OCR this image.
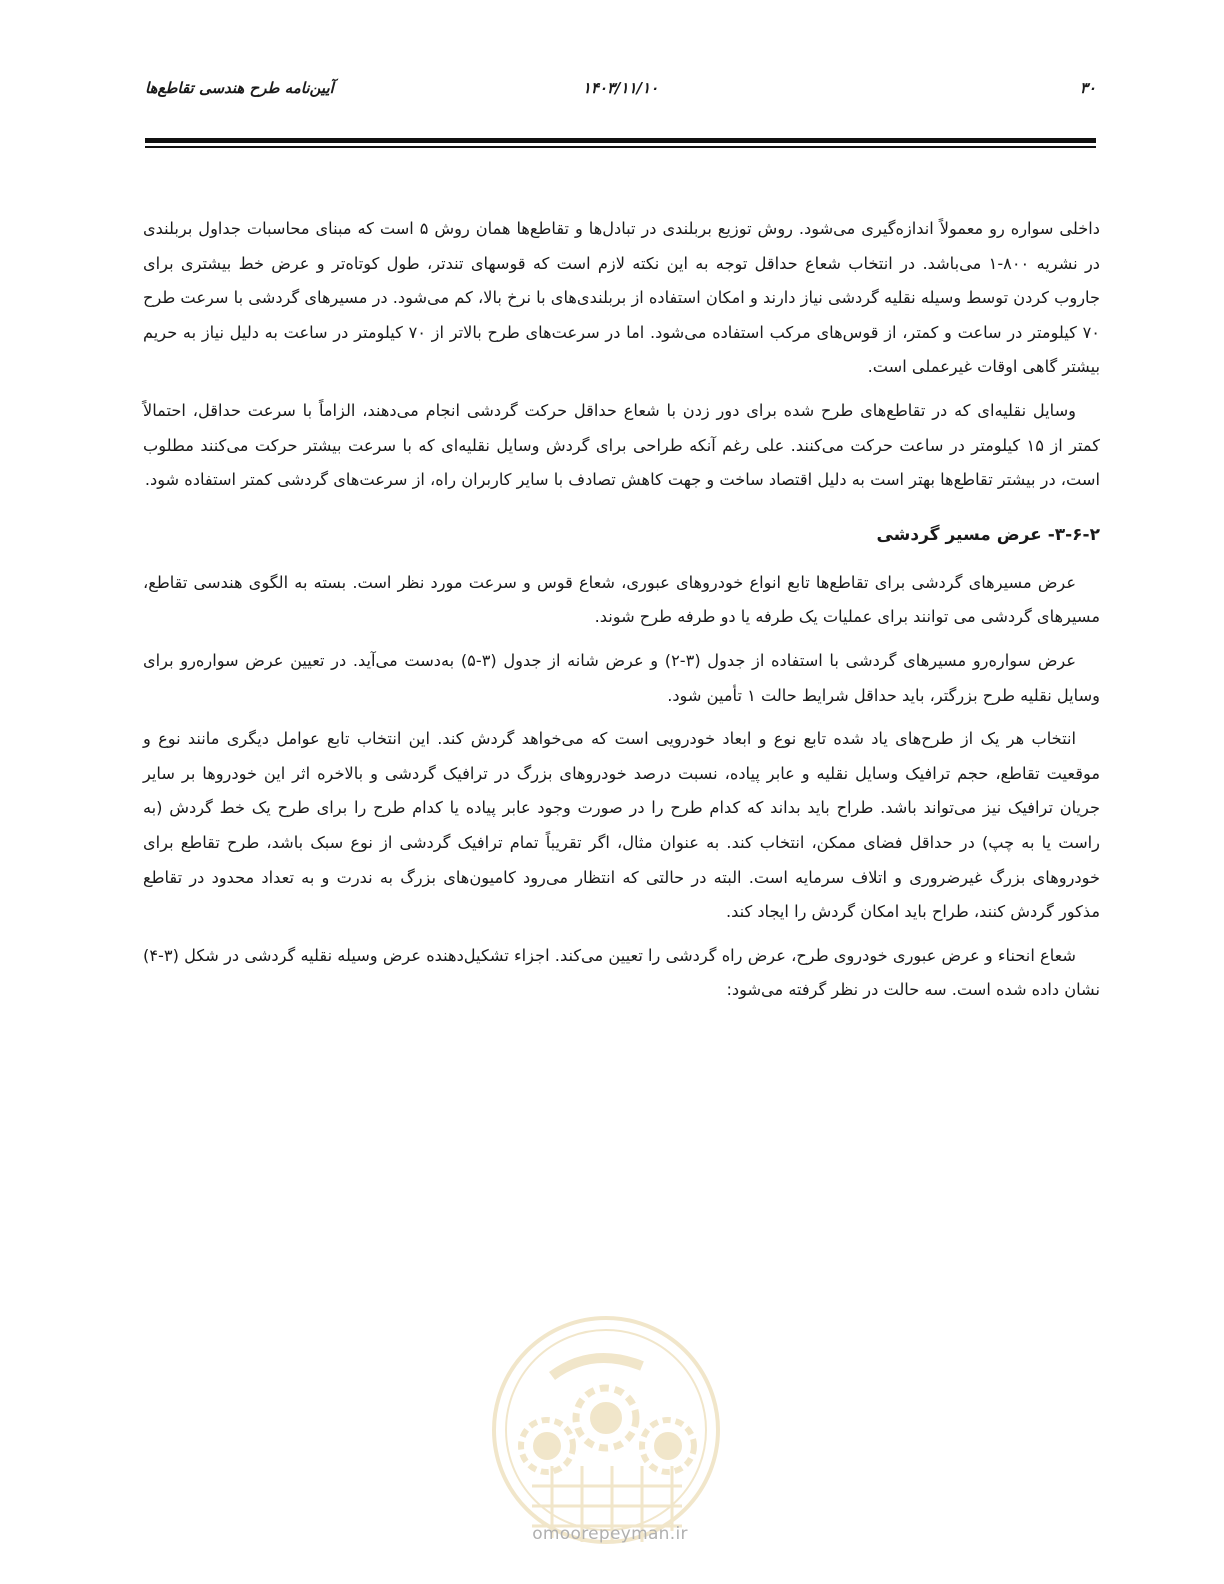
۳۰
۱۴۰۳/۱۱/۱۰
آیین‌نامه طرح هندسی تقاطع‌ها

داخلی سواره رو معمولاً اندازه‌گیری می‌شود. روش توزیع بربلندی در تبادل‌ها و تقاطع‌ها همان روش ۵ است که مبنای محاسبات جداول بربلندی در نشریه ۸۰۰-۱ می‌باشد. در انتخاب شعاع حداقل توجه به این نکته لازم است که قوسهای تندتر، طول کوتاه‌تر و عرض خط بیشتری برای جاروب کردن توسط وسیله نقلیه گردشی نیاز دارند و امکان استفاده از بربلندی‌های با نرخ بالا، کم می‌شود. در مسیرهای گردشی با سرعت طرح ۷۰ کیلومتر در ساعت و کمتر، از قوس‌های مرکب استفاده می‌شود. اما در سرعت‌های طرح بالاتر از ۷۰ کیلومتر در ساعت به دلیل نیاز به حریم بیشتر گاهی اوقات غیرعملی است.

وسایل نقلیه‌ای که در تقاطع‌های طرح شده برای دور زدن با شعاع حداقل حرکت گردشی انجام می‌دهند، الزاماً با سرعت حداقل، احتمالاً کمتر از ۱۵ کیلومتر در ساعت حرکت می‌کنند. علی رغم آنکه طراحی برای گردش وسایل نقلیه‌ای که با سرعت بیشتر حرکت می‌کنند مطلوب است، در بیشتر تقاطع‌ها بهتر است به دلیل اقتصاد ساخت و جهت کاهش تصادف با سایر کاربران راه، از سرعت‌های گردشی کمتر استفاده شود.

۳-۶-۲- عرض مسیر گردشی

عرض مسیرهای گردشی برای تقاطع‌ها تابع انواع خودروهای عبوری، شعاع قوس و سرعت مورد نظر است. بسته به الگوی هندسی تقاطع، مسیرهای گردشی می توانند برای عملیات یک طرفه یا دو طرفه طرح شوند.

عرض سواره‌رو مسیرهای گردشی با استفاده از جدول (۳-۲) و عرض شانه از جدول (۳-۵) به‌دست می‌آید. در تعیین عرض سواره‌رو برای وسایل نقلیه طرح بزرگتر، باید حداقل شرایط حالت ۱ تأمین شود.

انتخاب هر یک از طرح‌های یاد شده تابع نوع و ابعاد خودرویی است که می‌خواهد گردش کند. این انتخاب تابع عوامل دیگری مانند نوع و موقعیت تقاطع، حجم ترافیک وسایل نقلیه و عابر پیاده، نسبت درصد خودروهای بزرگ در ترافیک گردشی و بالاخره اثر این خودروها بر سایر جریان ترافیک نیز می‌تواند باشد. طراح باید بداند که کدام طرح را در صورت وجود عابر پیاده یا کدام طرح را برای طرح یک خط گردش (به راست یا به چپ) در حداقل فضای ممکن، انتخاب کند. به عنوان مثال، اگر تقریباً تمام ترافیک گردشی از نوع سبک باشد، طرح تقاطع برای خودروهای بزرگ غیرضروری و اتلاف سرمایه است. البته در حالتی که انتظار می‌رود کامیون‌های بزرگ به ندرت و به تعداد محدود در تقاطع مذکور گردش کنند، طراح باید امکان گردش را ایجاد کند.

شعاع انحناء و عرض عبوری خودروی طرح، عرض راه گردشی را تعیین می‌کند. اجزاء تشکیل‌دهنده عرض وسیله نقلیه گردشی در شکل (۳-۴) نشان داده شده است. سه حالت در نظر گرفته می‌شود:

omoorepeyman.ir
